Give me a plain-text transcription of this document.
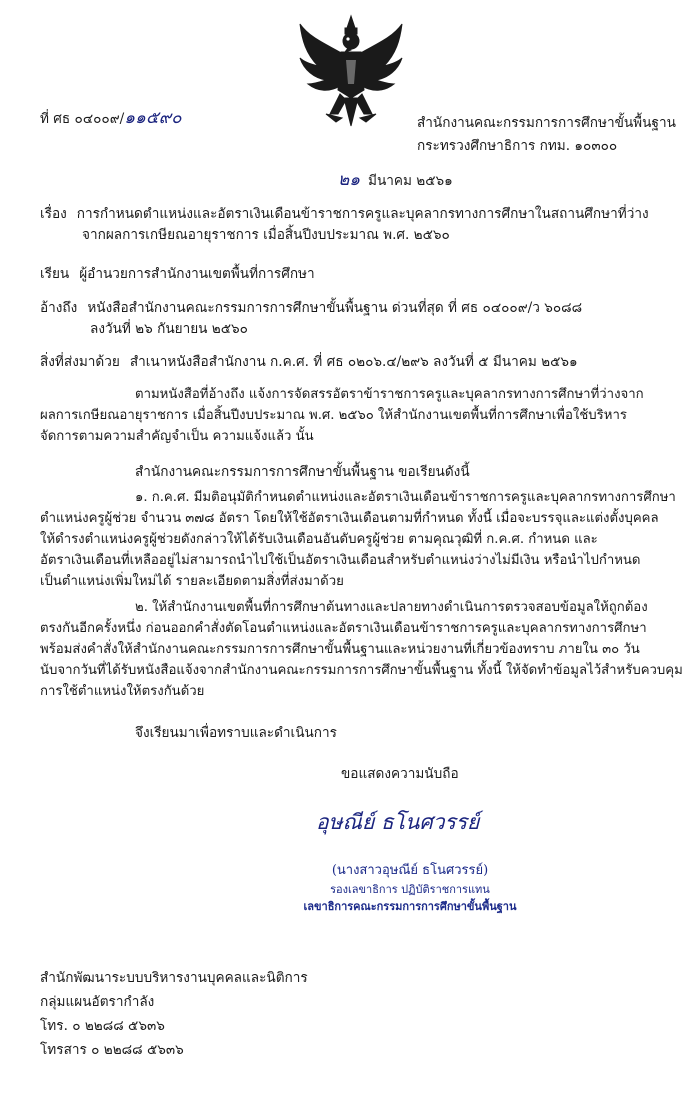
ที่ ศธ ๐๔๐๐๙/๑๑๕๙๐	สำนักงานคณะกรรมการการศึกษาขั้นพื้นฐาน
กระทรวงศึกษาธิการ กทม. ๑๐๓๐๐
๒๑ มีนาคม ๒๕๖๑
เรื่อง การกำหนดตำแหน่งและอัตราเงินเดือนข้าราชการครูและบุคลากรทางการศึกษาในสถานศึกษาที่ว่าง
จากผลการเกษียณอายุราชการ เมื่อสิ้นปีงบประมาณ พ.ศ. ๒๕๖๐
เรียน ผู้อำนวยการสำนักงานเขตพื้นที่การศึกษา
อ้างถึง หนังสือสำนักงานคณะกรรมการการศึกษาขั้นพื้นฐาน ด่วนที่สุด ที่ ศธ ๐๔๐๐๙/ว ๖๐๘๘
ลงวันที่ ๒๖ กันยายน ๒๕๖๐
สิ่งที่ส่งมาด้วย สำเนาหนังสือสำนักงาน ก.ค.ศ. ที่ ศธ ๐๒๐๖.๔/๒๙๖ ลงวันที่ ๕ มีนาคม ๒๕๖๑
ตามหนังสือที่อ้างถึง แจ้งการจัดสรรอัตราข้าราชการครูและบุคลากรทางการศึกษาที่ว่างจาก
ผลการเกษียณอายุราชการ เมื่อสิ้นปีงบประมาณ พ.ศ. ๒๕๖๐ ให้สำนักงานเขตพื้นที่การศึกษาเพื่อใช้บริหาร
จัดการตามความสำคัญจำเป็น ความแจ้งแล้ว นั้น
สำนักงานคณะกรรมการการศึกษาขั้นพื้นฐาน ขอเรียนดังนี้
๑. ก.ค.ศ. มีมติอนุมัติกำหนดตำแหน่งและอัตราเงินเดือนข้าราชการครูและบุคลากรทางการศึกษา
ตำแหน่งครูผู้ช่วย จำนวน ๓๗๘ อัตรา โดยให้ใช้อัตราเงินเดือนตามที่กำหนด ทั้งนี้ เมื่อจะบรรจุและแต่งตั้งบุคคล
ให้ดำรงตำแหน่งครูผู้ช่วยดังกล่าวให้ได้รับเงินเดือนอันดับครูผู้ช่วย ตามคุณวุฒิที่ ก.ค.ศ. กำหนด และ
อัตราเงินเดือนที่เหลืออยู่ไม่สามารถนำไปใช้เป็นอัตราเงินเดือนสำหรับตำแหน่งว่างไม่มีเงิน หรือนำไปกำหนด
เป็นตำแหน่งเพิ่มใหม่ได้ รายละเอียดตามสิ่งที่ส่งมาด้วย
๒. ให้สำนักงานเขตพื้นที่การศึกษาต้นทางและปลายทางดำเนินการตรวจสอบข้อมูลให้ถูกต้อง
ตรงกันอีกครั้งหนึ่ง ก่อนออกคำสั่งตัดโอนตำแหน่งและอัตราเงินเดือนข้าราชการครูและบุคลากรทางการศึกษา
พร้อมส่งคำสั่งให้สำนักงานคณะกรรมการการศึกษาขั้นพื้นฐานและหน่วยงานที่เกี่ยวข้องทราบ ภายใน ๓๐ วัน
นับจากวันที่ได้รับหนังสือแจ้งจากสำนักงานคณะกรรมการการศึกษาขั้นพื้นฐาน ทั้งนี้ ให้จัดทำข้อมูลไว้สำหรับควบคุม
การใช้ตำแหน่งให้ตรงกันด้วย
จึงเรียนมาเพื่อทราบและดำเนินการ
ขอแสดงความนับถือ
อุษณีย์ ธโนศวรรย์
(นางสาวอุษณีย์ ธโนศวรรย์)
รองเลขาธิการ ปฏิบัติราชการแทน
เลขาธิการคณะกรรมการการศึกษาขั้นพื้นฐาน
สำนักพัฒนาระบบบริหารงานบุคคลและนิติการ
กลุ่มแผนอัตรากำลัง
โทร. ๐ ๒๒๘๘ ๕๖๓๖
โทรสาร ๐ ๒๒๘๘ ๕๖๓๖
